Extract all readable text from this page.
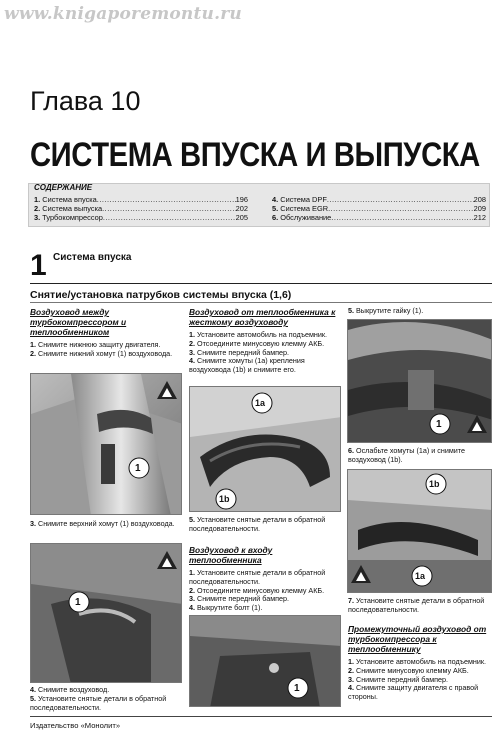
www.knigaporemontu.ru
Глава 10
СИСТЕМА ВПУСКА И ВЫПУСКА
СОДЕРЖАНИЕ
1.
Система впуска .....	196
2.
Система выпуска .....	202
3.
Турбокомпрессор .....	205
4.
Система DPF .....	208
5.
Система EGR .....	209
6.
Обслуживание .....	212
1 Система впуска
Снятие/установка патрубков системы впуска (1,6)
Воздуховод между турбокомпрессором и теплообменником
1. Снимите нижнюю защиту двигателя.
2. Снимите нижний хомут (1) воздуховода.
1
3. Снимите верхний хомут (1) воздуховода.
1
4. Снимите воздуховод.
5. Установите снятые детали в обратной последовательности.
Воздуховод от теплообменника к жесткому воздуховоду
1. Установите автомобиль на подъемник.
2. Отсоедините минусовую клемму АКБ.
3. Снимите передний бампер.
4. Снимите хомуты (1a) крепления воздуховода (1b) и снимите его.
1a
1b
5. Установите снятые детали в обратной последовательности.
Воздуховод к входу теплообменника
1. Установите снятые детали в обратной последовательности.
2. Отсоедините минусовую клемму АКБ.
3. Снимите передний бампер.
4. Выкрутите болт (1).
1
5. Выкрутите гайку (1).
1
6. Ослабьте хомуты (1a) и снимите воздуховод (1b).
1b
1a
7. Установите снятые детали в обратной последовательности.
Промежуточный воздуховод от турбокомпрессора к теплообменнику
1. Установите автомобиль на подъемник.
2. Снимите минусовую клемму АКБ.
3. Снимите передний бампер.
4. Снимите защиту двигателя с правой стороны.
Издательство «Монолит»
